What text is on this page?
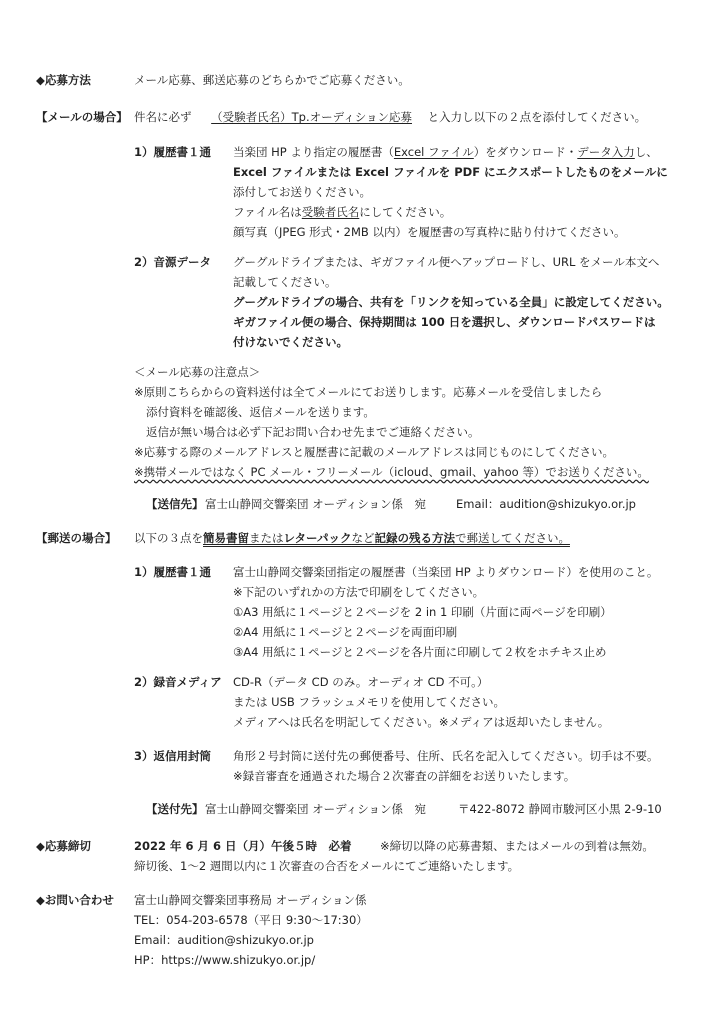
◆応募方法	メール応募、郵送応募のどちらかでご応募ください。
【メールの場合】 件名に必ず （受験者氏名）Tp.オーディション応募 と入力し以下の２点を添付してください。
1）履歴書１通 当楽団 HP より指定の履歴書（Excel ファイル）をダウンロード・データ入力し、
Excel ファイルまたは Excel ファイルを PDF にエクスポートしたものをメールに
添付してお送りください。
ファイル名は受験者氏名にしてください。
顔写真（JPEG 形式・2MB 以内）を履歴書の写真枠に貼り付けてください。
2）音源データ グーグルドライブまたは、ギガファイル便へアップロードし、URL をメール本文へ
記載してください。
グーグルドライブの場合、共有を「リンクを知っている全員」に設定してください。
ギガファイル便の場合、保持期間は 100 日を選択し、ダウンロードパスワードは
付けないでください。
＜メール応募の注意点＞
※原則こちらからの資料送付は全てメールにてお送りします。応募メールを受信しましたら
添付資料を確認後、返信メールを送ります。
返信が無い場合は必ず下記お問い合わせ先までご連絡ください。
※応募する際のメールアドレスと履歴書に記載のメールアドレスは同じものにしてください。
※携帯メールではなく PC メール・フリーメール（icloud、gmail、yahoo 等）でお送りください。
【送信先】 富士山静岡交響楽団 オーディション係　宛	Email：audition@shizukyo.or.jp
【郵送の場合】 以下の３点を簡易書留またはレターパックなど記録の残る方法で郵送してください。
1）履歴書１通 富士山静岡交響楽団指定の履歴書（当楽団 HP よりダウンロード）を使用のこと。
※下記のいずれかの方法で印刷をしてください。
①A3 用紙に１ページと２ページを 2 in 1 印刷（片面に両ページを印刷）
②A4 用紙に１ページと２ページを両面印刷
③A4 用紙に１ページと２ページを各片面に印刷して２枚をホチキス止め
2）録音メディア CD-R（データ CD のみ。オーディオ CD 不可。）
または USB フラッシュメモリを使用してください。
メディアへは氏名を明記してください。※メディアは返却いたしません。
3）返信用封筒 角形２号封筒に送付先の郵便番号、住所、氏名を記入してください。切手は不要。
※録音審査を通過された場合２次審査の詳細をお送りいたします。
【送付先】 富士山静岡交響楽団 オーディション係　宛	〒422-8072 静岡市駿河区小黒 2-9-10
◆応募締切	2022 年 6 月 6 日（月）午後５時　必着 ※締切以降の応募書類、またはメールの到着は無効。
締切後、1～2 週間以内に１次審査の合否をメールにてご連絡いたします。
◆お問い合わせ 富士山静岡交響楽団事務局 オーディション係
TEL：054-203-6578（平日 9:30～17:30）
Email：audition@shizukyo.or.jp
HP：https://www.shizukyo.or.jp/
